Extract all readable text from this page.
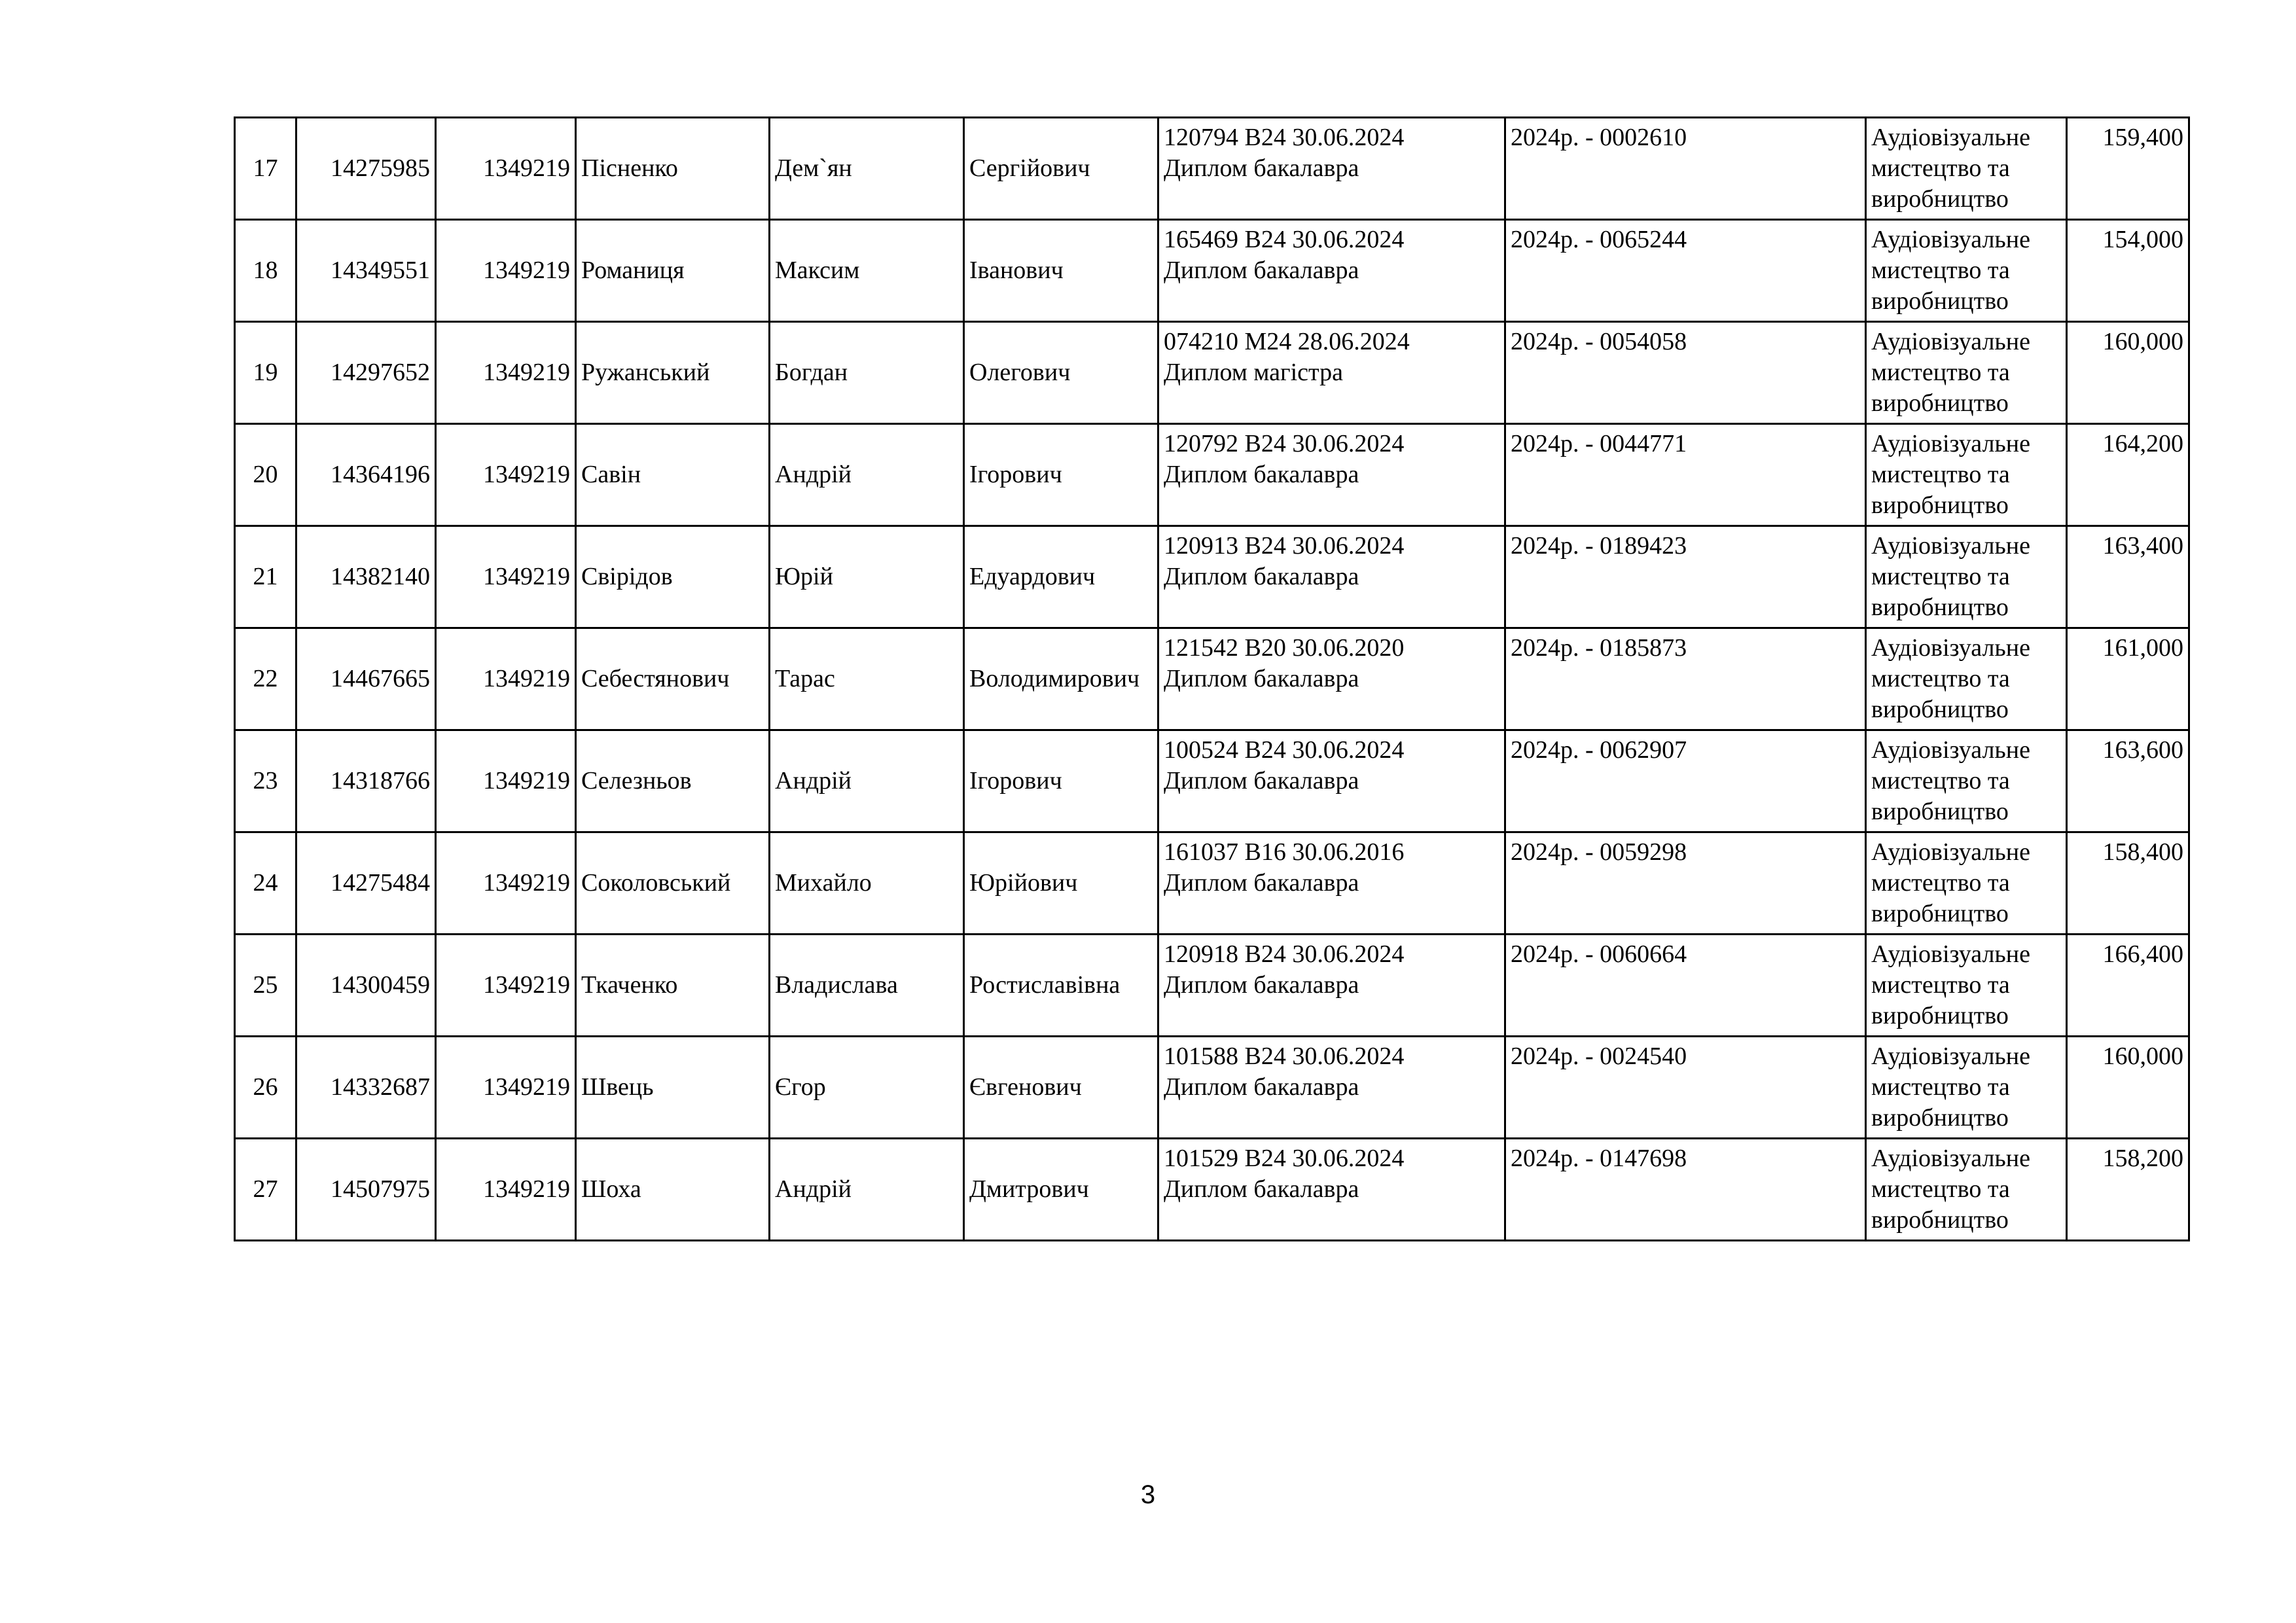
17	14275985	1349219	Пісненко	Дем`ян	Сергійович	120794 B24 30.06.2024
Диплом бакалавра	2024р. - 0002610	Аудіовізуальне
мистецтво та
виробництво	159,400

18	14349551	1349219	Романиця	Максим	Іванович	165469 B24 30.06.2024
Диплом бакалавра	2024р. - 0065244	Аудіовізуальне
мистецтво та
виробництво	154,000

19	14297652	1349219	Ружанський	Богдан	Олегович	074210 M24 28.06.2024
Диплом магістра	2024р. - 0054058	Аудіовізуальне
мистецтво та
виробництво	160,000

20	14364196	1349219	Савін	Андрій	Ігорович	120792 B24 30.06.2024
Диплом бакалавра	2024р. - 0044771	Аудіовізуальне
мистецтво та
виробництво	164,200

21	14382140	1349219	Свірідов	Юрій	Едуардович	120913 B24 30.06.2024
Диплом бакалавра	2024р. - 0189423	Аудіовізуальне
мистецтво та
виробництво	163,400

22	14467665	1349219	Себестянович	Тарас	Володимирович	121542 B20 30.06.2020
Диплом бакалавра	2024р. - 0185873	Аудіовізуальне
мистецтво та
виробництво	161,000

23	14318766	1349219	Селезньов	Андрій	Ігорович	100524 B24 30.06.2024
Диплом бакалавра	2024р. - 0062907	Аудіовізуальне
мистецтво та
виробництво	163,600

24	14275484	1349219	Соколовський	Михайло	Юрійович	161037 B16 30.06.2016
Диплом бакалавра	2024р. - 0059298	Аудіовізуальне
мистецтво та
виробництво	158,400

25	14300459	1349219	Ткаченко	Владислава	Ростиславівна	120918 B24 30.06.2024
Диплом бакалавра	2024р. - 0060664	Аудіовізуальне
мистецтво та
виробництво	166,400

26	14332687	1349219	Швець	Єгор	Євгенович	101588 B24 30.06.2024
Диплом бакалавра	2024р. - 0024540	Аудіовізуальне
мистецтво та
виробництво	160,000

27	14507975	1349219	Шоха	Андрій	Дмитрович	101529 B24 30.06.2024
Диплом бакалавра	2024р. - 0147698	Аудіовізуальне
мистецтво та
виробництво	158,200
3
